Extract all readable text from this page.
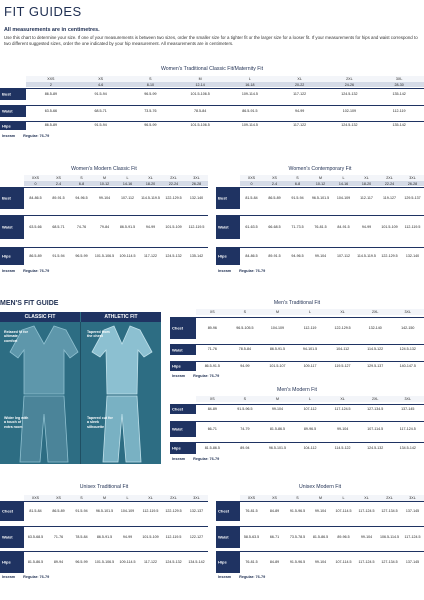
FIT GUIDES
All measurements are in centimetres.
Use this chart to determine your size. If one of your measurements is between two sizes, order the smaller size for a tighter fit or the larger size for a looser fit. If your measurements for hips and waist correspond to two different suggested sizes, order the one indicated by your hip measurement. All measurements are in centimeters.
MEN'S FIT GUIDE
CLASSIC FIT	ATHLETIC FIT
Relaxed fit for ultimate comfort
Wider leg with a touch of extra room
Tapered from the chest
Tapered cut for a sleek silhouette
Women's Traditional Classic Fit/Maternity Fit
XXS	XS	S	M	L	XL	2XL	3XL
2	4-6	8-10	12-14	16-18	20-22	24-26	28-30
Bust	86.5-89	91.5-94	96.5-99	101.5-106.5	109-114.5	117-122	124.5-132	135-142
Waist	63.5-66	68.5-71	73.5-76	78.5-84	86.5-91.5	94-99	102-109	112-119
Hips	86.5-89	91.5-94	96.5-99	101.5-106.5	109-114.5	117-122	124.5-132	135-142
Inseam Regular: 76-79
Women's Modern Classic Fit
XXS	XS	S	M	L	XL	2XL	3XL
0	2-4	6-8	10-12	14-16	18-20	22-24	26-28
Bust	84-86.5	89-91.5	94-96.5	99-104	107-112	114.5-119.5	122-129.5	132-140
Waist	63.5-66	68.5-71	74-76	79-84	86.5-91.5	94-99	101.5-109	112-119.5
Hips	86.5-89	91.5-94	96.5-99	101.5-106.5	109-114.5	117-122	124.5-132	135-142
Inseam Regular: 76-79
Women's Contemporary Fit
XXS	XS	S	M	L	XL	2XL	3XL
0	2-4	6-8	10-12	14-16	18-20	22-24	26-28
Bust	81.5-84	86.5-89	91.5-94	96.5-101.5	104-109	112-117	119-127	129.5-137
Waist	61-63.5	66-68.5	71-73.5	76-81.5	84-91.5	94-99	101.5-109	112-119.5
Hips	84-86.5	89-91.5	94-96.5	99-104	107-112	114.5-119.5	122-129.5	132-140
Inseam Regular: 76-79
Men's Traditional Fit
XS	S	M	L	XL	2XL	3XL
Chest	89-96	96.5-105.5	104-109	112-119	122-129.5	132-140	142-150
Waist	71-76	78.5-84	86.5-91.5	94-101.5	104-112	114.5-122	124.5-132
Hips	86.5-91.5	94-99	101.5-107	109-117	119.5-127	129.5-137	140-147.5
Inseam Regular: 76-79
Men's Modern Fit
XS	S	M	L	XL	2XL	3XL
Chest	84-89	91.5-96.5	99-104	107-112	117-124.5	127-134.5	137-145
Waist	66-71	74-79	81.5-86.5	89-96.5	99-104	107-114.5	117-124.5
Hips	81.5-86.5	89-94	96.5-101.5	104-112	114.5-122	124.5-132	134.5-142
Inseam Regular: 76-79
Unisex Traditional Fit
XXS	XS	S	M	L	XL	2XL	3XL
Chest	81.5-84	86.5-89	91.5-94	96.5-101.5	104-109	112-119.5	122-129.5	132-137
Waist	63.5-68.5	71-76	78.5-84	86.5-91.5	94-99	101.5-109	112-119.5	122-127
Hips	81.5-86.5	89-94	96.5-99	101.5-106.5	109-114.5	117-122	124.5-132	134.5-142
Inseam Regular: 76-79
Unisex Modern Fit
XXS	XS	S	M	L	XL	2XL	3XL
Chest	76-81.5	84-89	91.5-96.5	99-104	107-114.5	117-124.5	127-134.5	137-145
Waist	58.5-63.5	66-71	73.5-78.5	81.5-86.5	89-96.5	99-104	106.5-114.5	117-124.5
Hips	76-81.5	84-89	91.5-96.5	99-104	107-114.5	117-124.5	127-134.5	137-145
Inseam Regular: 76-79
